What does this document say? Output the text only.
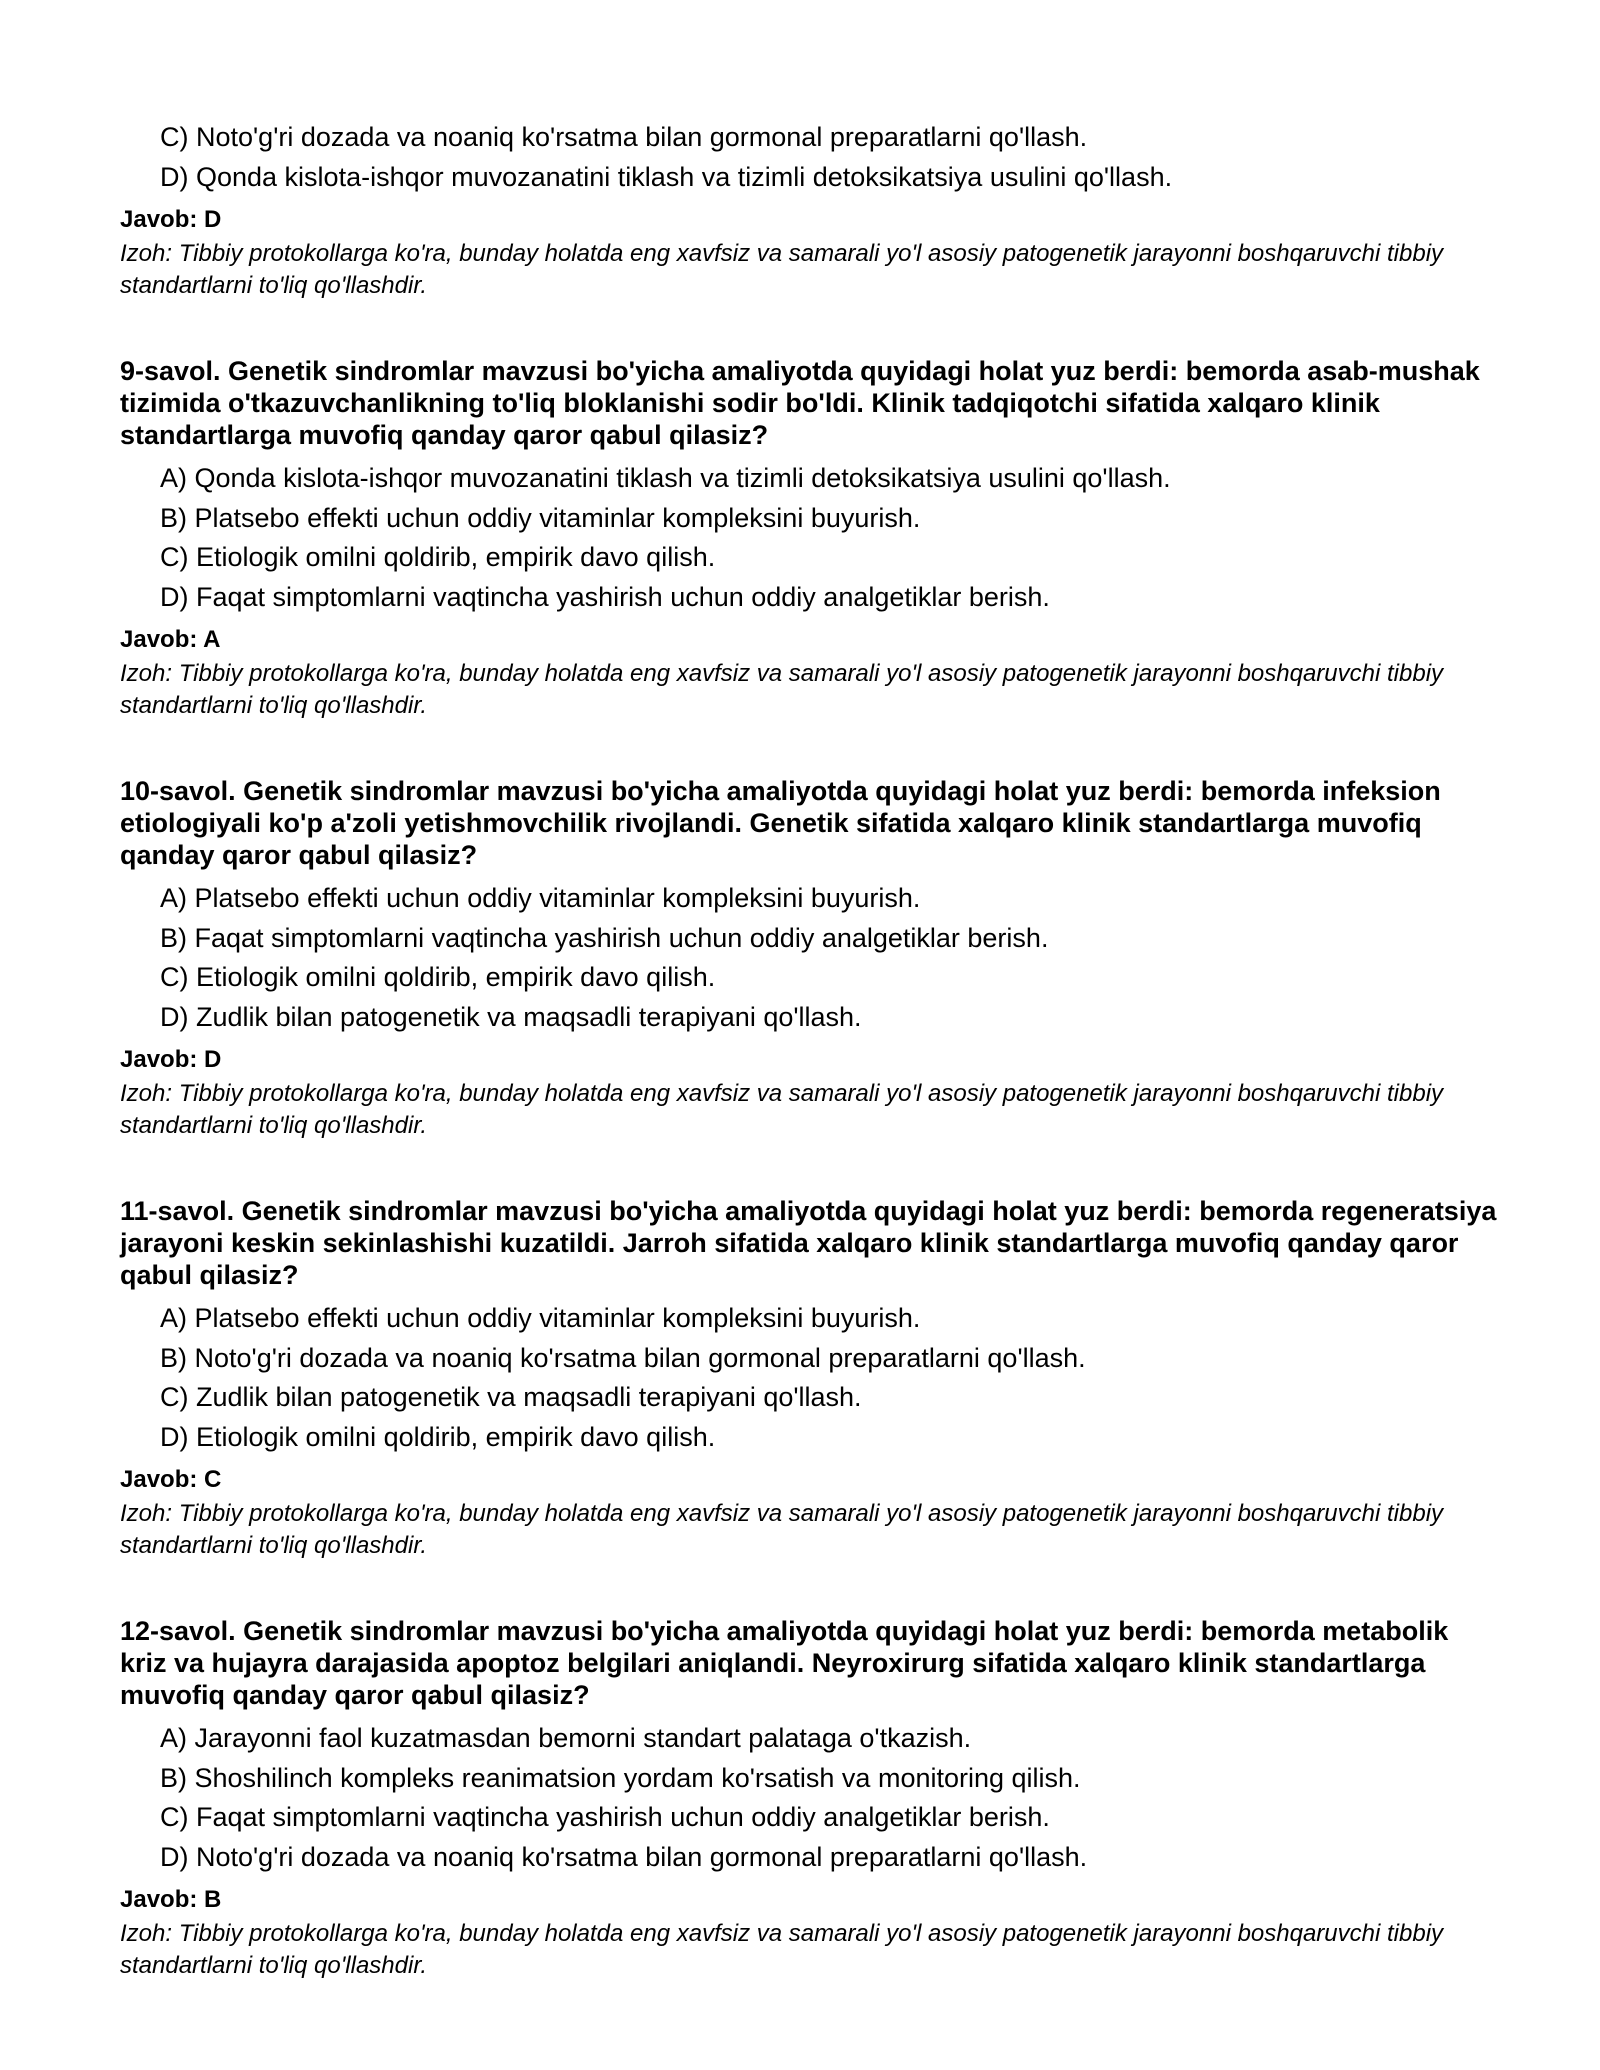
C) Noto'g'ri dozada va noaniq ko'rsatma bilan gormonal preparatlarni qo'llash.
D) Qonda kislota-ishqor muvozanatini tiklash va tizimli detoksikatsiya usulini qo'llash.
Javob: D
Izoh: Tibbiy protokollarga ko'ra, bunday holatda eng xavfsiz va samarali yo'l asosiy patogenetik jarayonni boshqaruvchi tibbiy standartlarni to'liq qo'llashdir.
9-savol. Genetik sindromlar mavzusi bo'yicha amaliyotda quyidagi holat yuz berdi: bemorda asab-mushak tizimida o'tkazuvchanlikning to'liq bloklanishi sodir bo'ldi. Klinik tadqiqotchi sifatida xalqaro klinik standartlarga muvofiq qanday qaror qabul qilasiz?
A) Qonda kislota-ishqor muvozanatini tiklash va tizimli detoksikatsiya usulini qo'llash.
B) Platsebo effekti uchun oddiy vitaminlar kompleksini buyurish.
C) Etiologik omilni qoldirib, empirik davo qilish.
D) Faqat simptomlarni vaqtincha yashirish uchun oddiy analgetiklar berish.
Javob: A
Izoh: Tibbiy protokollarga ko'ra, bunday holatda eng xavfsiz va samarali yo'l asosiy patogenetik jarayonni boshqaruvchi tibbiy standartlarni to'liq qo'llashdir.
10-savol. Genetik sindromlar mavzusi bo'yicha amaliyotda quyidagi holat yuz berdi: bemorda infeksion etiologiyali ko'p a'zoli yetishmovchilik rivojlandi. Genetik sifatida xalqaro klinik standartlarga muvofiq qanday qaror qabul qilasiz?
A) Platsebo effekti uchun oddiy vitaminlar kompleksini buyurish.
B) Faqat simptomlarni vaqtincha yashirish uchun oddiy analgetiklar berish.
C) Etiologik omilni qoldirib, empirik davo qilish.
D) Zudlik bilan patogenetik va maqsadli terapiyani qo'llash.
Javob: D
Izoh: Tibbiy protokollarga ko'ra, bunday holatda eng xavfsiz va samarali yo'l asosiy patogenetik jarayonni boshqaruvchi tibbiy standartlarni to'liq qo'llashdir.
11-savol. Genetik sindromlar mavzusi bo'yicha amaliyotda quyidagi holat yuz berdi: bemorda regeneratsiya jarayoni keskin sekinlashishi kuzatildi. Jarroh sifatida xalqaro klinik standartlarga muvofiq qanday qaror qabul qilasiz?
A) Platsebo effekti uchun oddiy vitaminlar kompleksini buyurish.
B) Noto'g'ri dozada va noaniq ko'rsatma bilan gormonal preparatlarni qo'llash.
C) Zudlik bilan patogenetik va maqsadli terapiyani qo'llash.
D) Etiologik omilni qoldirib, empirik davo qilish.
Javob: C
Izoh: Tibbiy protokollarga ko'ra, bunday holatda eng xavfsiz va samarali yo'l asosiy patogenetik jarayonni boshqaruvchi tibbiy standartlarni to'liq qo'llashdir.
12-savol. Genetik sindromlar mavzusi bo'yicha amaliyotda quyidagi holat yuz berdi: bemorda metabolik kriz va hujayra darajasida apoptoz belgilari aniqlandi. Neyroxirurg sifatida xalqaro klinik standartlarga muvofiq qanday qaror qabul qilasiz?
A) Jarayonni faol kuzatmasdan bemorni standart palataga o'tkazish.
B) Shoshilinch kompleks reanimatsion yordam ko'rsatish va monitoring qilish.
C) Faqat simptomlarni vaqtincha yashirish uchun oddiy analgetiklar berish.
D) Noto'g'ri dozada va noaniq ko'rsatma bilan gormonal preparatlarni qo'llash.
Javob: B
Izoh: Tibbiy protokollarga ko'ra, bunday holatda eng xavfsiz va samarali yo'l asosiy patogenetik jarayonni boshqaruvchi tibbiy standartlarni to'liq qo'llashdir.
